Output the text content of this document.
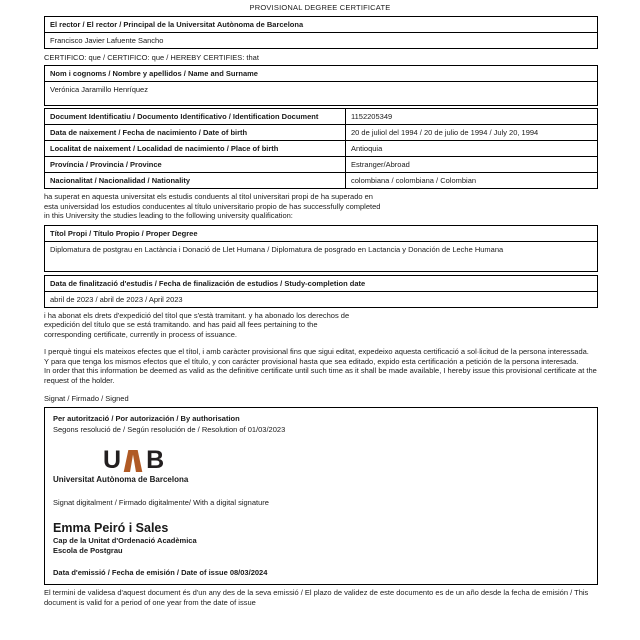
PROVISIONAL DEGREE CERTIFICATE
El rector / El rector / Principal de la Universitat Autònoma de Barcelona
Francisco Javier Lafuente Sancho
CERTIFICO: que / CERTIFICO: que / HEREBY CERTIFIES: that
Nom i cognoms / Nombre y apellidos / Name and Surname
Verónica Jaramillo Henríquez
Document Identificatiu / Documento Identificativo / Identification Document	1152205349
Data de naixement / Fecha de nacimiento / Date of birth	20 de juliol del 1994 / 20 de julio de 1994 / July 20, 1994
Localitat de naixement / Localidad de nacimiento / Place of birth	Antioquia
Província / Provincia / Province	Estranger/Abroad
Nacionalitat / Nacionalidad / Nationality	colombiana / colombiana / Colombian
ha superat en aquesta universitat els estudis conduents al títol universitari propi de ha superado en
esta universidad los estudios conducentes al título universitario propio de has successfully completed
in this University the studies leading to the following university qualification:
Títol Propi / Título Propio / Proper Degree
Diplomatura de postgrau en Lactància i Donació de Llet Humana / Diplomatura de posgrado en Lactancia y Donación de Leche Humana
Data de finalització d'estudis / Fecha de finalización de estudios / Study-completion date
abril de 2023 / abril de 2023 / April 2023
i ha abonat els drets d'expedició del títol que s'està tramitant. y ha abonado los derechos de
expedición del título que se está tramitando. and has paid all fees pertaining to the
corresponding certificate, currently in process of issuance.
I perquè tingui els mateixos efectes que el títol, i amb caràcter provisional fins que sigui editat, expedeixo aquesta certificació a sol·licitud de la persona interessada.
Y para que tenga los mismos efectos que el título, y con carácter provisional hasta que sea editado, expido esta certificación a petición de la persona interesada.
In order that this information be deemed as valid as the definitive certificate until such time as it shall be made available, I hereby issue this provisional certificate at the request of the holder.
Signat / Firmado / Signed
Per autorització / Por autorización / By authorisation
Segons resolució de / Según resolución de / Resolution of 01/03/2023
U B
Universitat Autònoma de Barcelona
Signat digitalment / Firmado digitalmente/ With a digital signature
Emma Peiró i Sales
Cap de la Unitat d'Ordenació Acadèmica
Escola de Postgrau
Data d'emissió / Fecha de emisión / Date of issue 08/03/2024
El termini de validesa d'aquest document és d'un any des de la seva emissió / El plazo de validez de este documento es de un año desde la fecha de emisión / This document is valid for a period of one year from the date of issue
